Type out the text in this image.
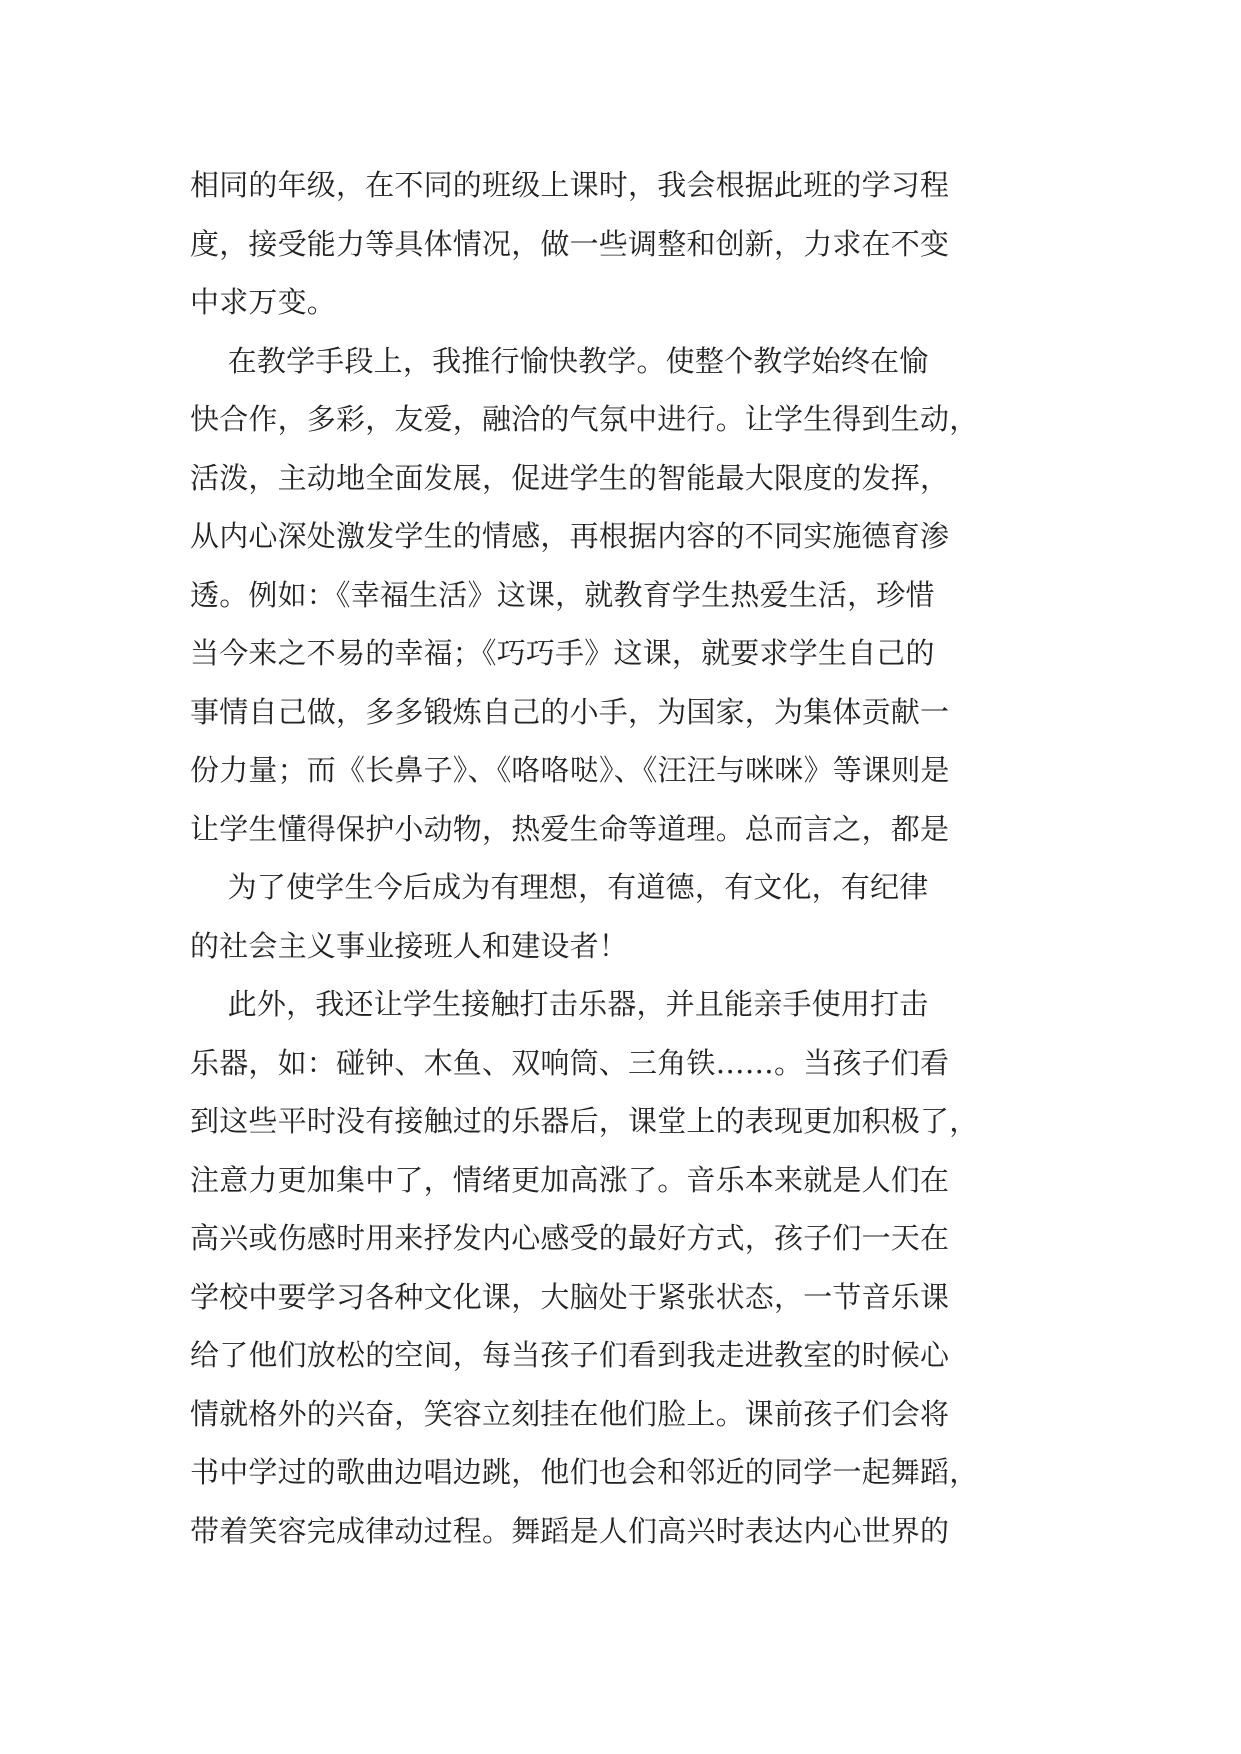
相同的年级，在不同的班级上课时，我会根据此班的学习程
度，接受能力等具体情况，做一些调整和创新，力求在不变
中求万变。
在教学手段上，我推行愉快教学。使整个教学始终在愉
快合作，多彩，友爱，融洽的气氛中进行。让学生得到生动，
活泼，主动地全面发展，促进学生的智能最大限度的发挥，
从内心深处激发学生的情感，再根据内容的不同实施德育渗
透。例如：《幸福生活》这课，就教育学生热爱生活，珍惜
当今来之不易的幸福；《巧巧手》这课，就要求学生自己的
事情自己做，多多锻炼自己的小手，为国家，为集体贡献一
份力量；而《长鼻子》、《咯咯哒》、《汪汪与咪咪》等课则是
让学生懂得保护小动物，热爱生命等道理。总而言之，都是
为了使学生今后成为有理想，有道德，有文化，有纪律
的社会主义事业接班人和建设者！
此外，我还让学生接触打击乐器，并且能亲手使用打击
乐器，如：碰钟、木鱼、双响筒、三角铁……。当孩子们看
到这些平时没有接触过的乐器后，课堂上的表现更加积极了，
注意力更加集中了，情绪更加高涨了。音乐本来就是人们在
高兴或伤感时用来抒发内心感受的最好方式，孩子们一天在
学校中要学习各种文化课，大脑处于紧张状态，一节音乐课
给了他们放松的空间，每当孩子们看到我走进教室的时候心
情就格外的兴奋，笑容立刻挂在他们脸上。课前孩子们会将
书中学过的歌曲边唱边跳，他们也会和邻近的同学一起舞蹈，
带着笑容完成律动过程。舞蹈是人们高兴时表达内心世界的
